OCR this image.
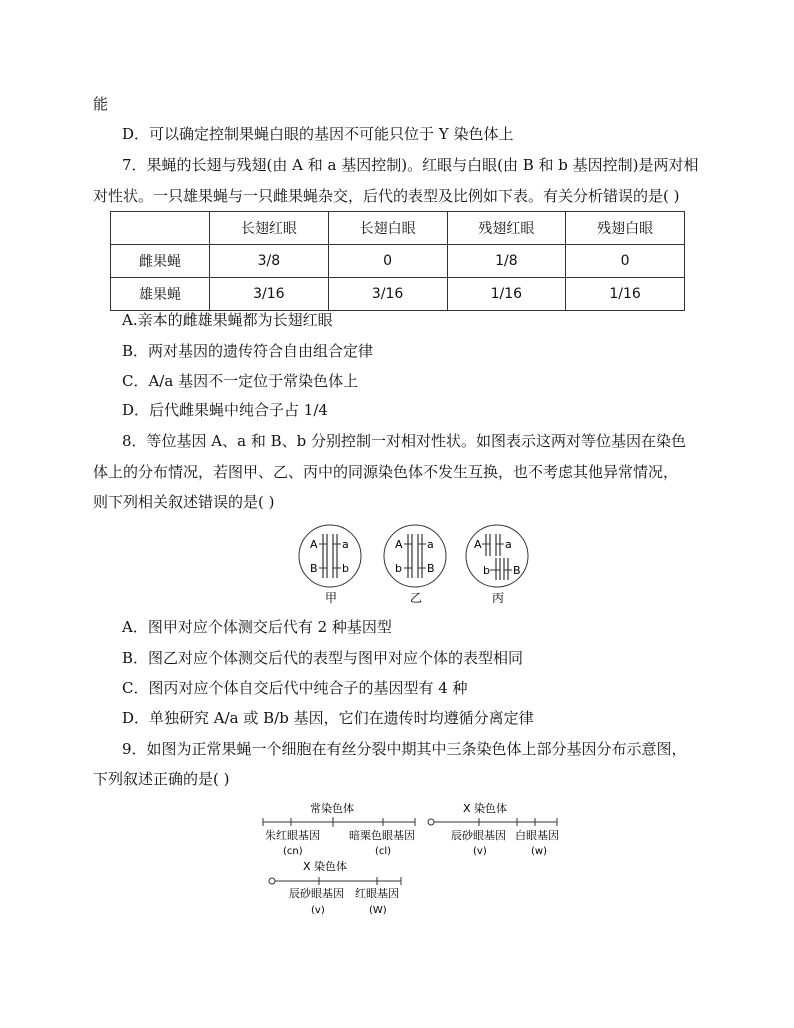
能
D．可以确定控制果蝇白眼的基因不可能只位于 Y 染色体上
7．果蝇的长翅与残翅(由 A 和 a 基因控制)。红眼与白眼(由 B 和 b 基因控制)是两对相
对性状。一只雄果蝇与一只雌果蝇杂交，后代的表型及比例如下表。有关分析错误的是( )
	长翅红眼	长翅白眼	残翅红眼	残翅白眼
雌果蝇	3/8	0	1/8	0
雄果蝇	3/16	3/16	1/16	1/16
A.亲本的雌雄果蝇都为长翅红眼
B．两对基因的遗传符合自由组合定律
C．A/a 基因不一定位于常染色体上
D．后代雌果蝇中纯合子占 1/4
8．等位基因 A、a 和 B、b 分别控制一对相对性状。如图表示这两对等位基因在染色
体上的分布情况，若图甲、乙、丙中的同源染色体不发生互换，也不考虑其他异常情况，
则下列相关叙述错误的是( )
A a
B b
甲
A a
b B
乙
A a
b B
丙
A．图甲对应个体测交后代有 2 种基因型
B．图乙对应个体测交后代的表型与图甲对应个体的表型相同
C．图丙对应个体自交后代中纯合子的基因型有 4 种
D．单独研究 A/a 或 B/b 基因，它们在遗传时均遵循分离定律
9．如图为正常果蝇一个细胞在有丝分裂中期其中三条染色体上部分基因分布示意图，
下列叙述正确的是( )
常染色体
朱红眼基因
(cn)
暗栗色眼基因
(cl)
X 染色体
辰砂眼基因
(v)
白眼基因
(w)
X 染色体
辰砂眼基因
(v)
红眼基因
(W)
